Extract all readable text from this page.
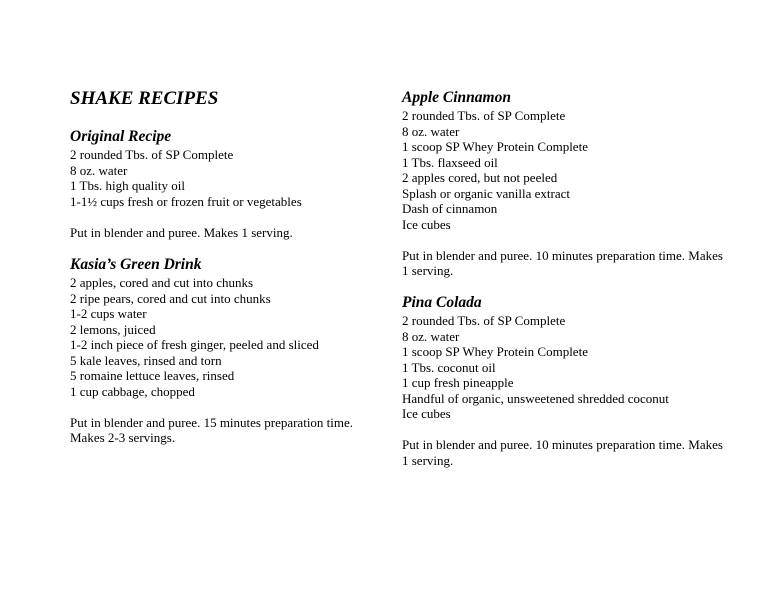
SHAKE RECIPES
Original Recipe
2 rounded Tbs. of SP Complete
8 oz. water
1 Tbs. high quality oil
1-1½ cups fresh or frozen fruit or vegetables

Put in blender and puree. Makes 1 serving.

Kasia’s Green Drink
2 apples, cored and cut into chunks
2 ripe pears, cored and cut into chunks
1-2 cups water
2 lemons, juiced
1-2 inch piece of fresh ginger, peeled and sliced
5 kale leaves, rinsed and torn
5 romaine lettuce leaves, rinsed
1 cup cabbage, chopped

Put in blender and puree. 15 minutes preparation time. Makes 2-3 servings.

Apple Cinnamon
2 rounded Tbs. of SP Complete
8 oz. water
1 scoop SP Whey Protein Complete
1 Tbs. flaxseed oil
2 apples cored, but not peeled
Splash or organic vanilla extract
Dash of cinnamon
Ice cubes

Put in blender and puree. 10 minutes preparation time. Makes 1 serving.

Pina Colada
2 rounded Tbs. of SP Complete
8 oz. water
1 scoop SP Whey Protein Complete
1 Tbs. coconut oil
1 cup fresh pineapple
Handful of organic, unsweetened shredded coconut
Ice cubes

Put in blender and puree. 10 minutes preparation time. Makes 1 serving.
